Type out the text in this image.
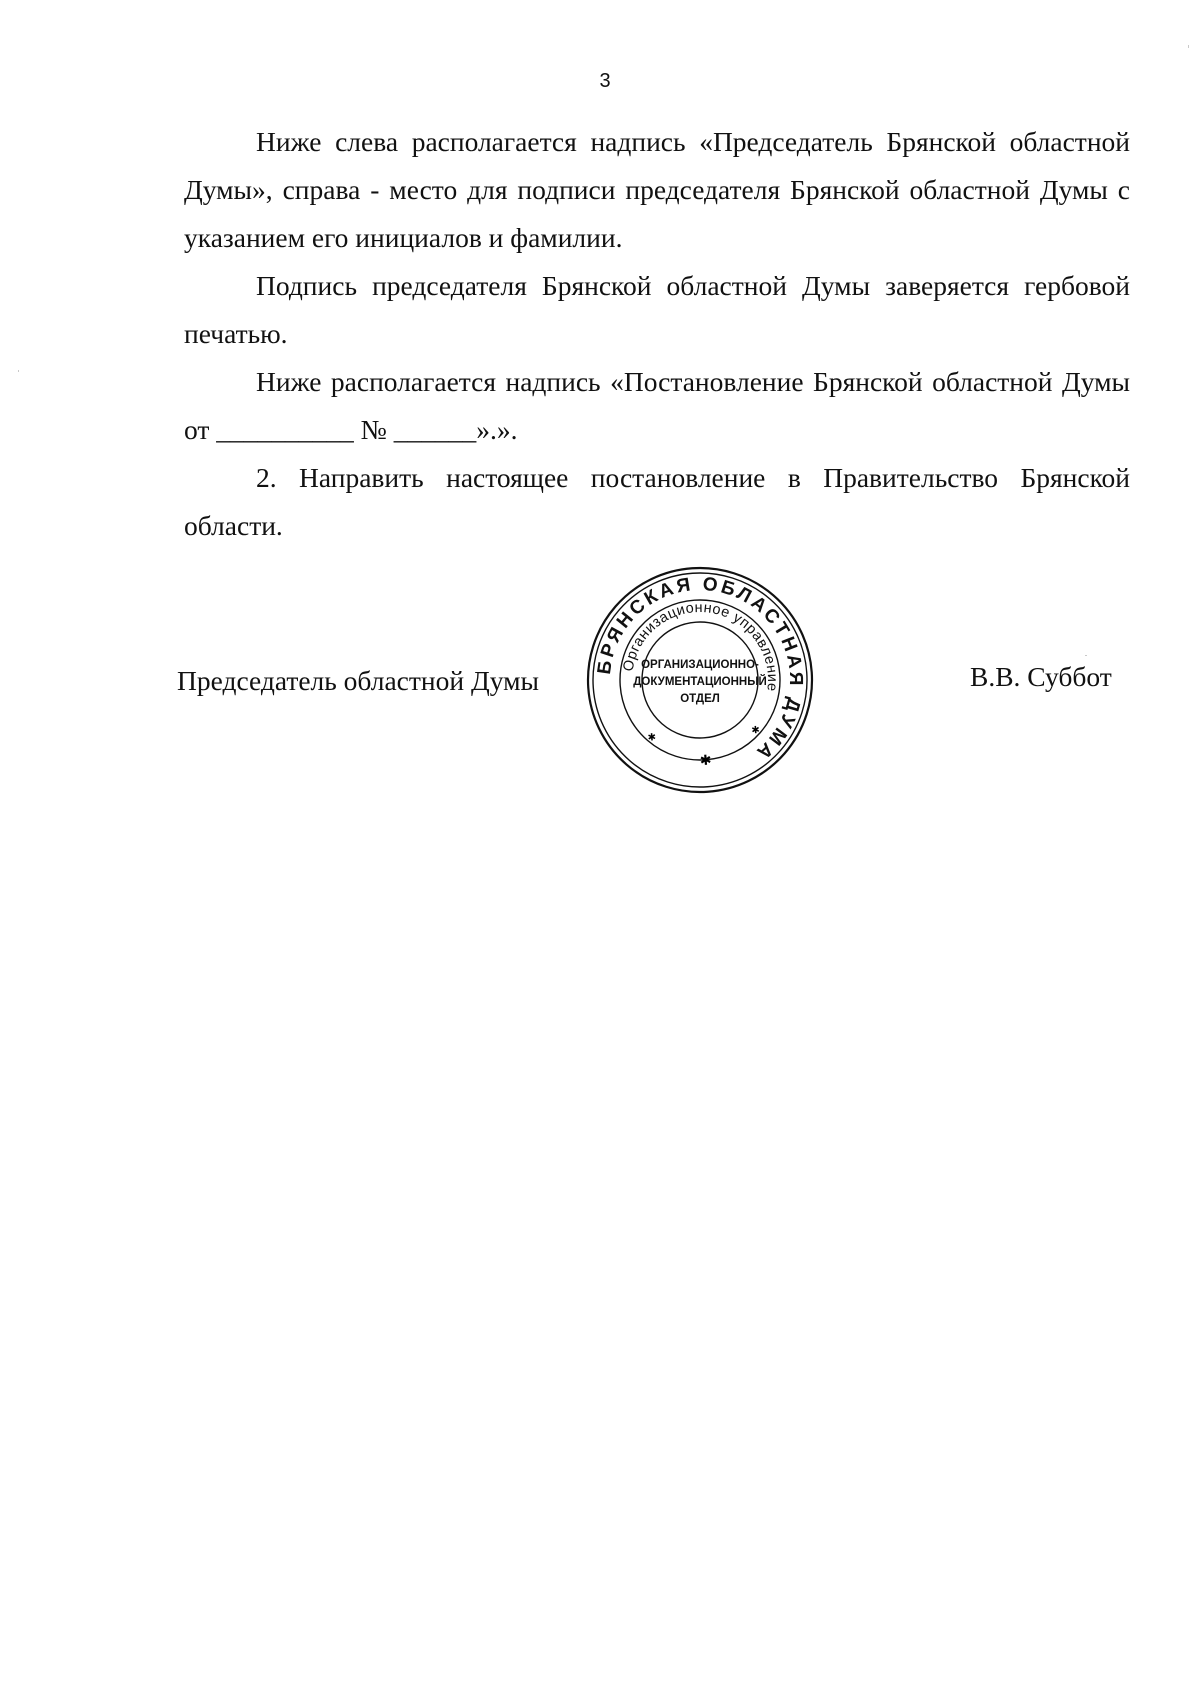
3

Ниже слева располагается надпись «Председатель Брянской областной Думы», справа - место для подписи председателя Брянской областной Думы с указанием его инициалов и фамилии.

Подпись председателя Брянской областной Думы заверяется гербовой печатью.

Ниже располагается надпись «Постановление Брянской областной Думы от __________ № ______».».

2. Направить настоящее постановление в Правительство Брянской области.

Председатель областной Думы	В.В. Суббот
БРЯНСКАЯ ОБЛАСТНАЯ ДУМА
Организационное управление
✱
✱
✱
ОРГАНИЗАЦИОННО-
ДОКУМЕНТАЦИОННЫЙ
ОТДЕЛ
